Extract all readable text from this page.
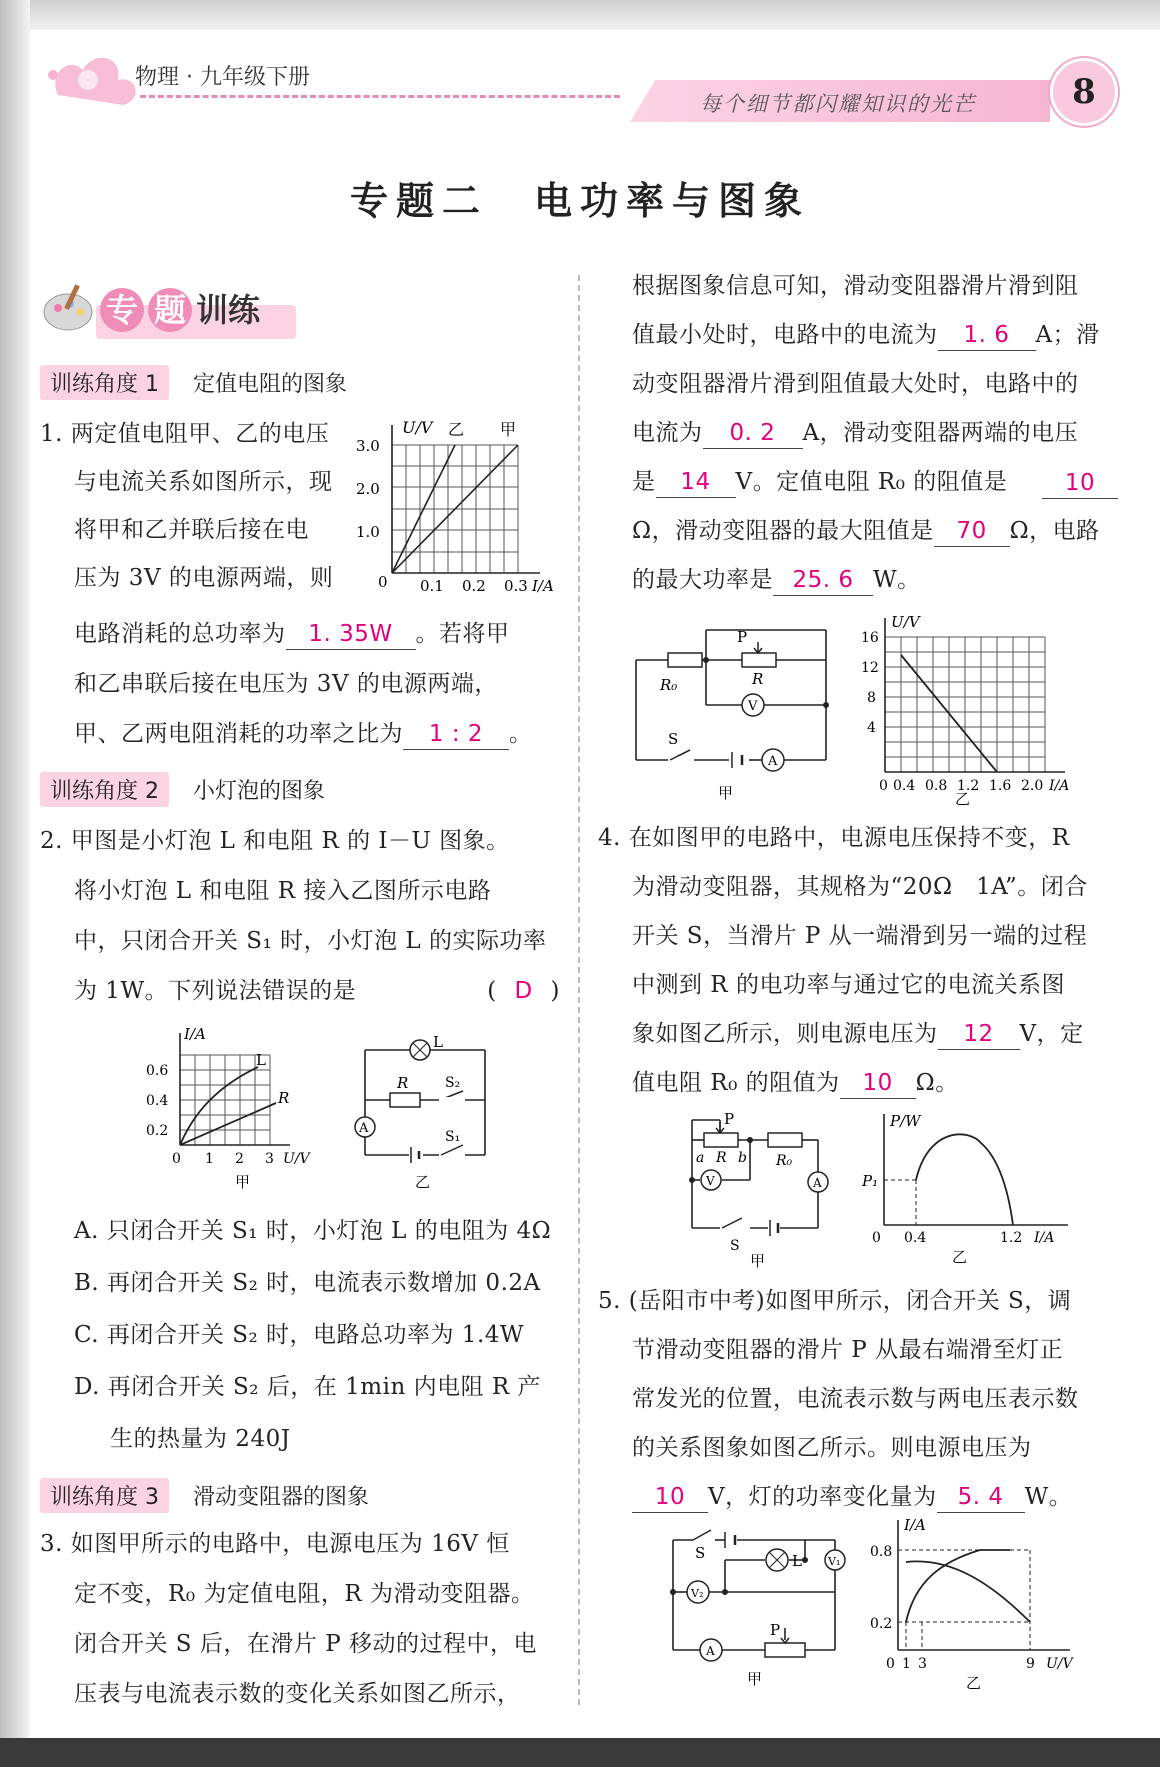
物理 · 九年级下册
每个细节都闪耀知识的光芒	8
专题二　电功率与图象
专 题 训练
训练角度 1 定值电阻的图象
1. 两定值电阻甲、乙的电压
与电流关系如图所示，现
将甲和乙并联后接在电
压为 3V 的电源两端，则
电路消耗的总功率为 1. 35W 。若将甲
和乙串联后接在电压为 3V 的电源两端，
甲、乙两电阻消耗的功率之比为 1 : 2 。
U/V 乙 甲
3.0
2.0
1.0
0 0.1 0.2 0.3 I/A
训练角度 2 小灯泡的图象
2. 甲图是小灯泡 L 和电阻 R 的 I－U 图象。
将小灯泡 L 和电阻 R 接入乙图所示电路
中，只闭合开关 S₁ 时，小灯泡 L 的实际功率
为 1W。下列说法错误的是	( D )
I/A
L
R
0.6
0.4
0.2
0 1 2 3 U/V
甲
L
R	S₂
S₁
A
乙
A. 只闭合开关 S₁ 时，小灯泡 L 的电阻为 4Ω
B. 再闭合开关 S₂ 时，电流表示数增加 0.2A
C. 再闭合开关 S₂ 时，电路总功率为 1.4W
D. 再闭合开关 S₂ 后，在 1min 内电阻 R 产
生的热量为 240J
训练角度 3 滑动变阻器的图象
3. 如图甲所示的电路中，电源电压为 16V 恒
定不变，R₀ 为定值电阻，R 为滑动变阻器。
闭合开关 S 后，在滑片 P 移动的过程中，电
压表与电流表示数的变化关系如图乙所示，
根据图象信息可知，滑动变阻器滑片滑到阻
值最小处时，电路中的电流为 1. 6 A；滑
动变阻器滑片滑到阻值最大处时，电路中的
电流为 0. 2 A，滑动变阻器两端的电压
是 14 V。定值电阻 R₀ 的阻值是	10
Ω，滑动变阻器的最大阻值是 70 Ω，电路
的最大功率是 25. 6 W。
P
R₀	R
V
S
A
甲
U/V
16
12
8
4
0 0.4 0.8 1.2 1.6 2.0 I/A
乙
4. 在如图甲的电路中，电源电压保持不变，R
为滑动变阻器，其规格为“20Ω　1A”。闭合
开关 S，当滑片 P 从一端滑到另一端的过程
中测到 R 的电功率与通过它的电流关系图
象如图乙所示，则电源电压为 12 V，定
值电阻 R₀ 的阻值为 10 Ω。
P
a R b R₀
V	A
S
甲
P/W
P₁
0 0.4	1.2 I/A
乙
5. (岳阳市中考)如图甲所示，闭合开关 S，调
节滑动变阻器的滑片 P 从最右端滑至灯正
常发光的位置，电流表示数与两电压表示数
的关系图象如图乙所示。则电源电压为
10 V，灯的功率变化量为 5. 4 W。
S	L V₁
V₂
A
P
甲
I/A
0.8
0.2
0 1 3	9 U/V
乙
